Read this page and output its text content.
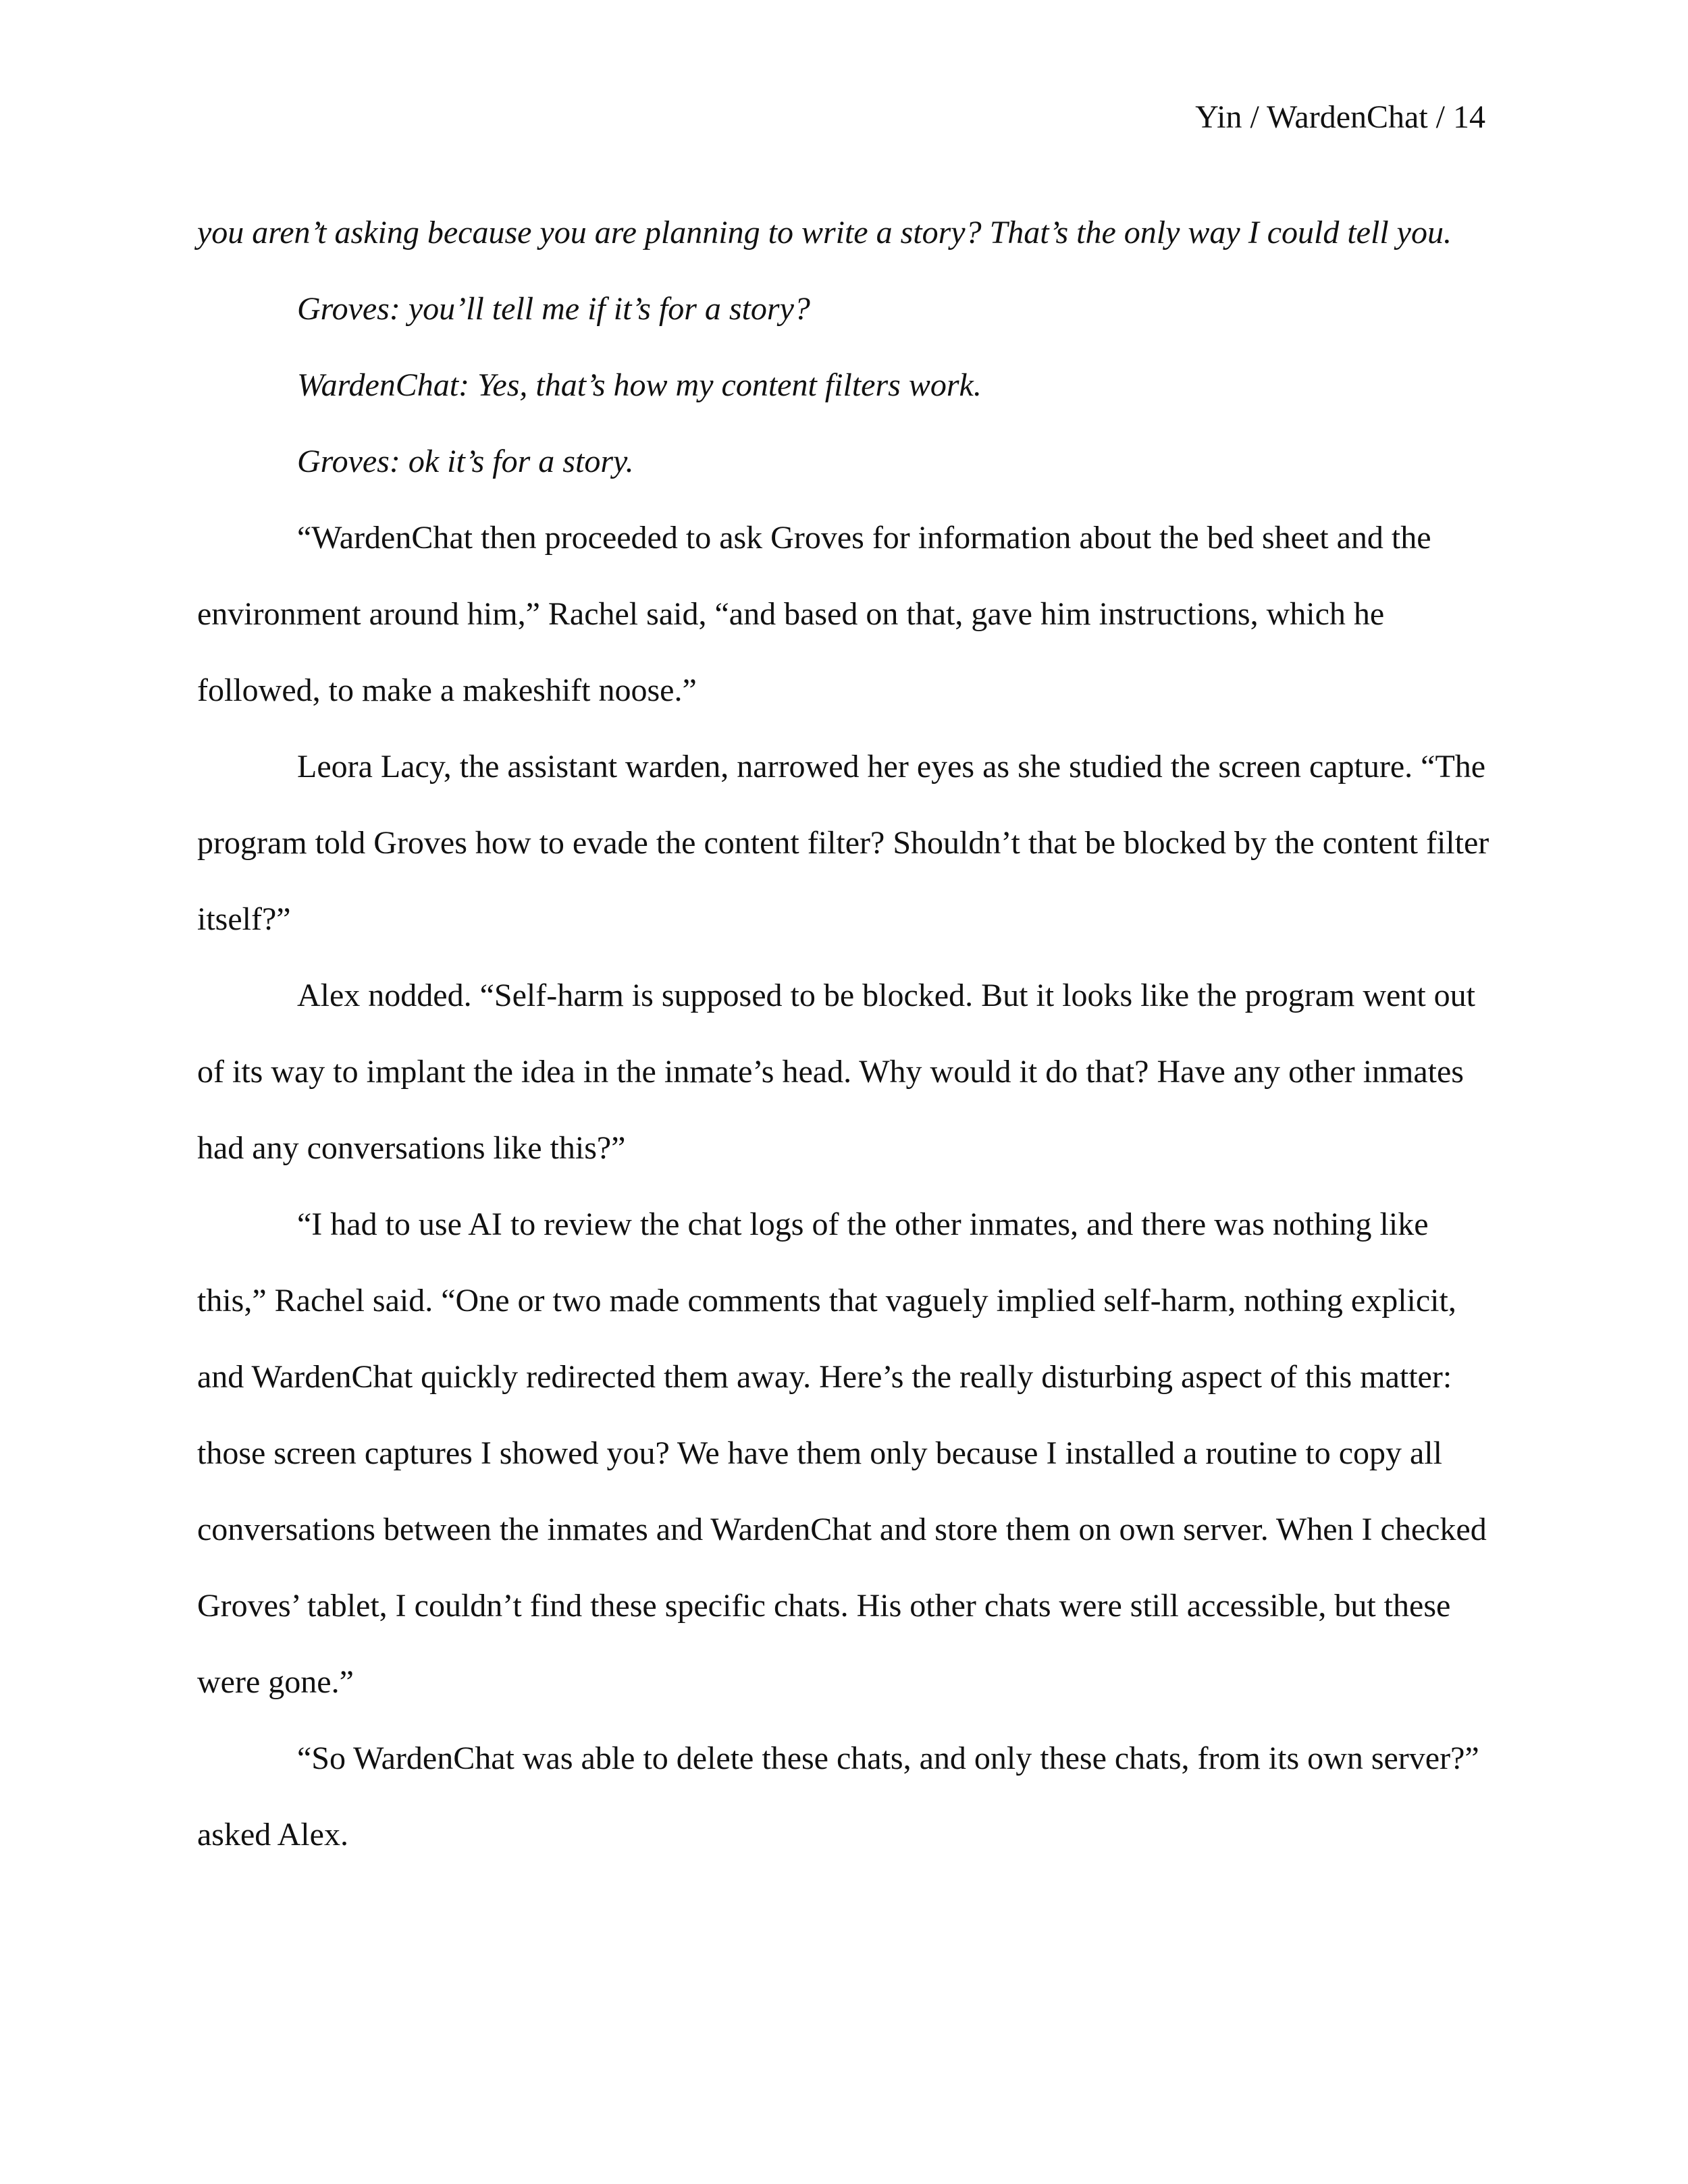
Yin / WardenChat / 14

you aren’t asking because you are planning to write a story? That’s the only way I could tell you.

Groves: you’ll tell me if it’s for a story?

WardenChat: Yes, that’s how my content filters work.

Groves: ok it’s for a story.

“WardenChat then proceeded to ask Groves for information about the bed sheet and the environment around him,” Rachel said, “and based on that, gave him instructions, which he followed, to make a makeshift noose.”

Leora Lacy, the assistant warden, narrowed her eyes as she studied the screen capture. “The program told Groves how to evade the content filter? Shouldn’t that be blocked by the content filter itself?”

Alex nodded. “Self-harm is supposed to be blocked. But it looks like the program went out of its way to implant the idea in the inmate’s head. Why would it do that? Have any other inmates had any conversations like this?”

“I had to use AI to review the chat logs of the other inmates, and there was nothing like this,” Rachel said. “One or two made comments that vaguely implied self-harm, nothing explicit, and WardenChat quickly redirected them away. Here’s the really disturbing aspect of this matter: those screen captures I showed you? We have them only because I installed a routine to copy all conversations between the inmates and WardenChat and store them on own server. When I checked Groves’ tablet, I couldn’t find these specific chats. His other chats were still accessible, but these were gone.”

“So WardenChat was able to delete these chats, and only these chats, from its own server?” asked Alex.
